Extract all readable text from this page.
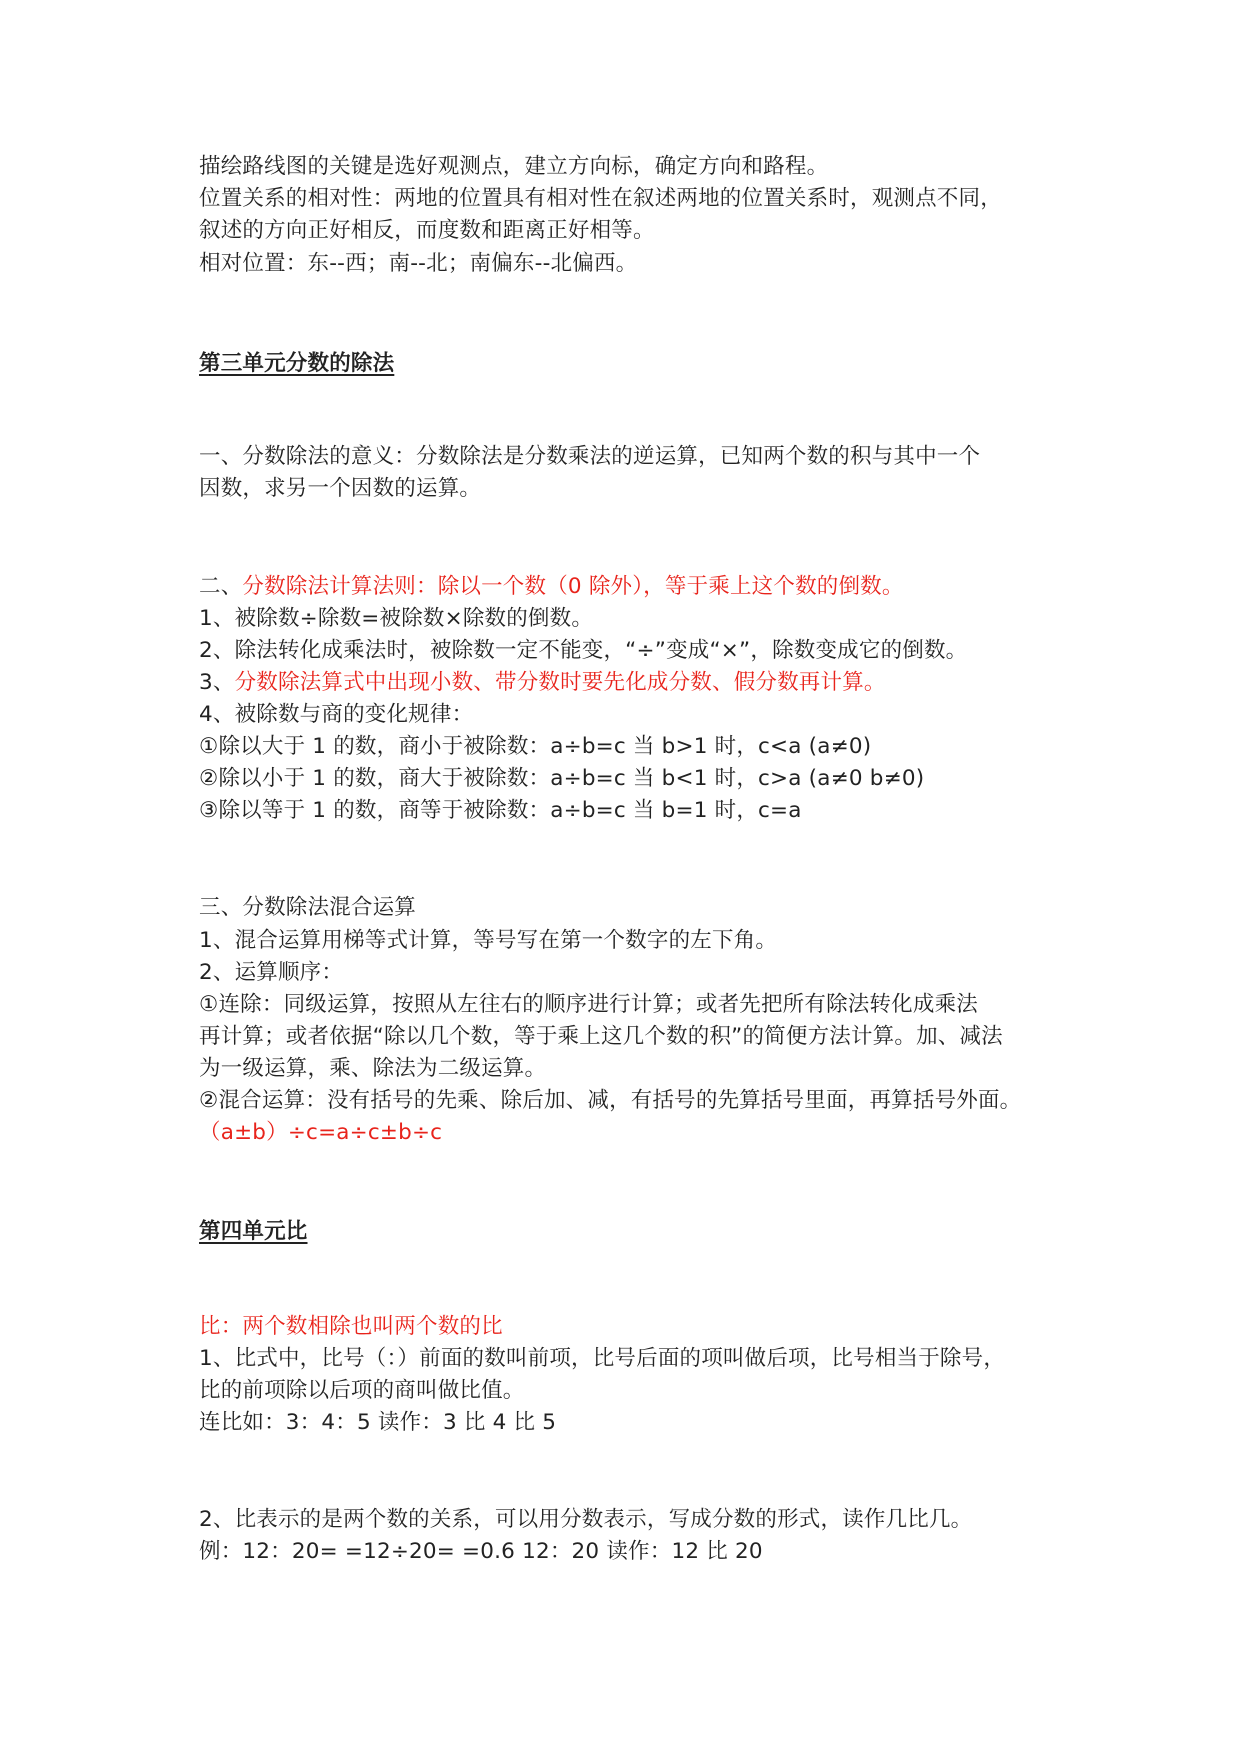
描绘路线图的关键是选好观测点，建立方向标，确定方向和路程。
位置关系的相对性：两地的位置具有相对性在叙述两地的位置关系时，观测点不同，
叙述的方向正好相反，而度数和距离正好相等。
相对位置：东--西；南--北；南偏东--北偏西。
第三单元分数的除法
一、分数除法的意义：分数除法是分数乘法的逆运算，已知两个数的积与其中一个
因数，求另一个因数的运算。
二、分数除法计算法则：除以一个数（0 除外），等于乘上这个数的倒数。
1、被除数÷除数=被除数×除数的倒数。
2、除法转化成乘法时，被除数一定不能变，“÷”变成“×”，除数变成它的倒数。
3、分数除法算式中出现小数、带分数时要先化成分数、假分数再计算。
4、被除数与商的变化规律：
①除以大于 1 的数，商小于被除数：a÷b=c 当 b>1 时，c<a (a≠0)
②除以小于 1 的数，商大于被除数：a÷b=c 当 b<1 时，c>a (a≠0 b≠0)
③除以等于 1 的数，商等于被除数：a÷b=c 当 b=1 时，c=a
三、分数除法混合运算
1、混合运算用梯等式计算，等号写在第一个数字的左下角。
2、运算顺序：
①连除：同级运算，按照从左往右的顺序进行计算；或者先把所有除法转化成乘法
再计算；或者依据“除以几个数，等于乘上这几个数的积”的简便方法计算。加、减法
为一级运算，乘、除法为二级运算。
②混合运算：没有括号的先乘、除后加、减，有括号的先算括号里面，再算括号外面。
（a±b）÷c=a÷c±b÷c
第四单元比
比：两个数相除也叫两个数的比
1、比式中，比号（：）前面的数叫前项，比号后面的项叫做后项，比号相当于除号，
比的前项除以后项的商叫做比值。
连比如：3：4：5 读作：3 比 4 比 5
2、比表示的是两个数的关系，可以用分数表示，写成分数的形式，读作几比几。
例：12：20= =12÷20= =0.6 12：20 读作：12 比 20
